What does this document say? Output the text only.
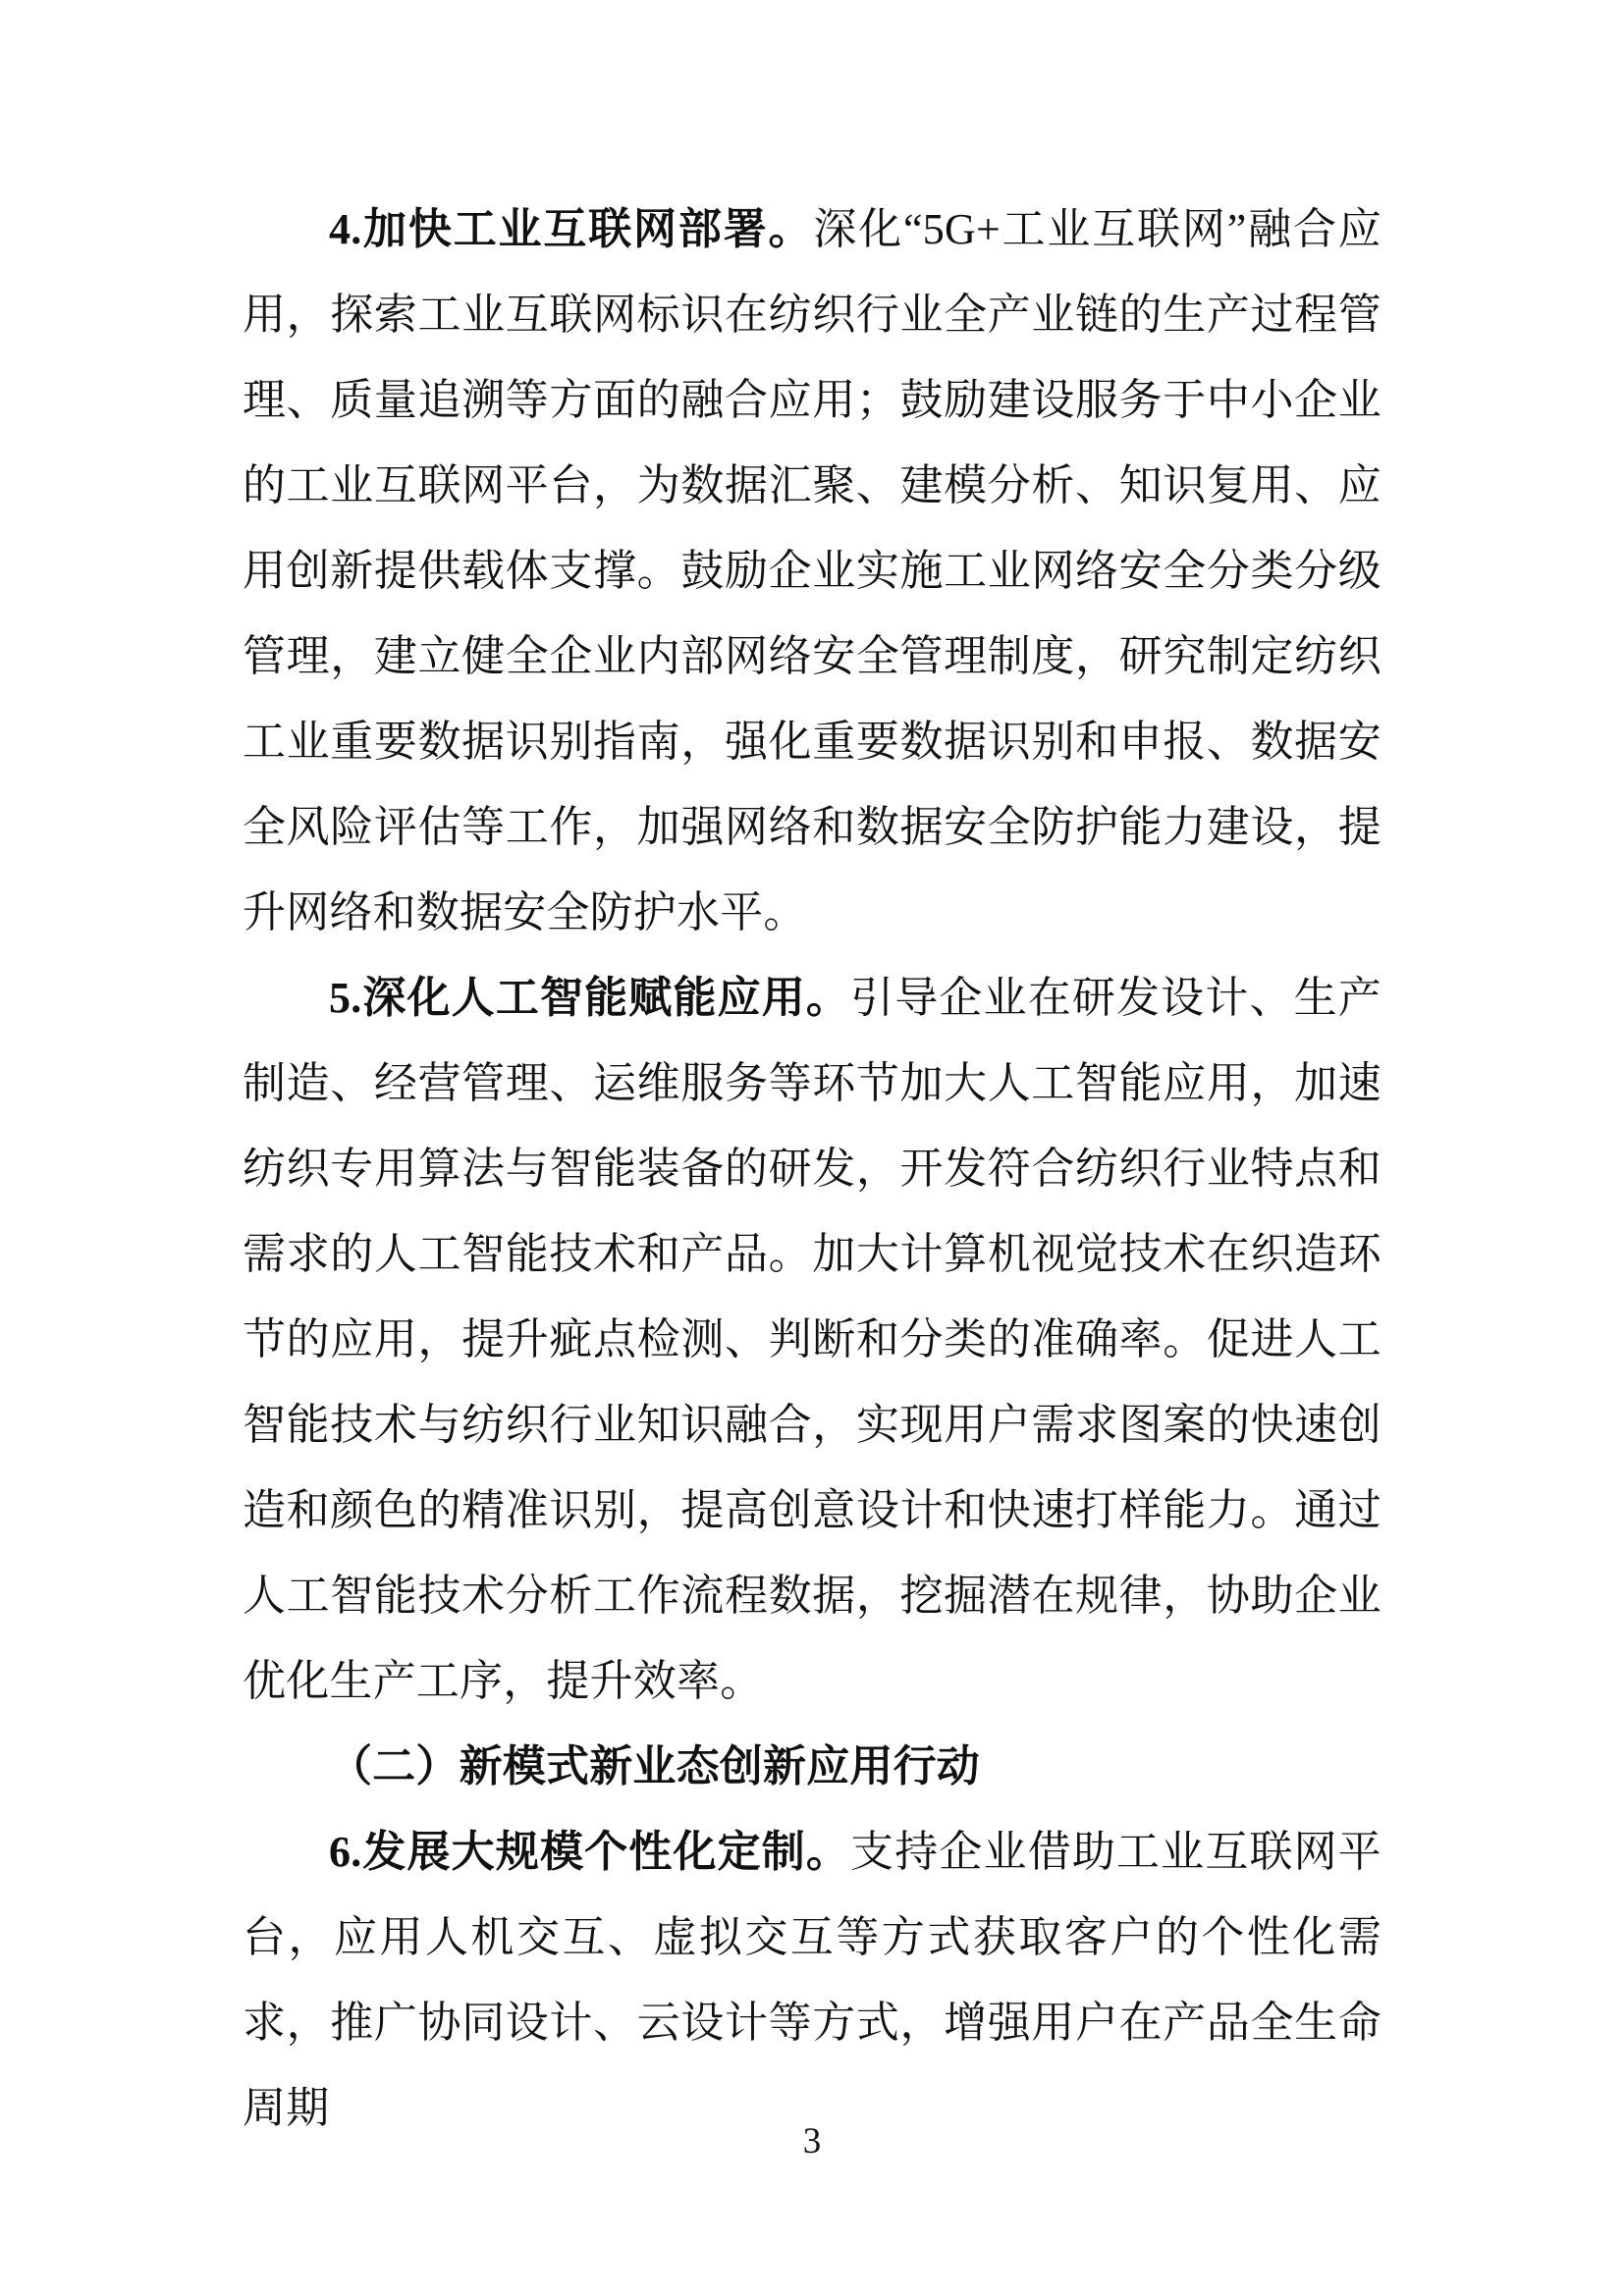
4.加快工业互联网部署。深化“5G+工业互联网”融合应用，探索工业互联网标识在纺织行业全产业链的生产过程管理、质量追溯等方面的融合应用；鼓励建设服务于中小企业的工业互联网平台，为数据汇聚、建模分析、知识复用、应用创新提供载体支撑。鼓励企业实施工业网络安全分类分级管理，建立健全企业内部网络安全管理制度，研究制定纺织工业重要数据识别指南，强化重要数据识别和申报、数据安全风险评估等工作，加强网络和数据安全防护能力建设，提升网络和数据安全防护水平。

5.深化人工智能赋能应用。引导企业在研发设计、生产制造、经营管理、运维服务等环节加大人工智能应用，加速纺织专用算法与智能装备的研发，开发符合纺织行业特点和需求的人工智能技术和产品。加大计算机视觉技术在织造环节的应用，提升疵点检测、判断和分类的准确率。促进人工智能技术与纺织行业知识融合，实现用户需求图案的快速创造和颜色的精准识别，提高创意设计和快速打样能力。通过人工智能技术分析工作流程数据，挖掘潜在规律，协助企业优化生产工序，提升效率。

（二）新模式新业态创新应用行动

6.发展大规模个性化定制。支持企业借助工业互联网平台，应用人机交互、虚拟交互等方式获取客户的个性化需求，推广协同设计、云设计等方式，增强用户在产品全生命周期

3
